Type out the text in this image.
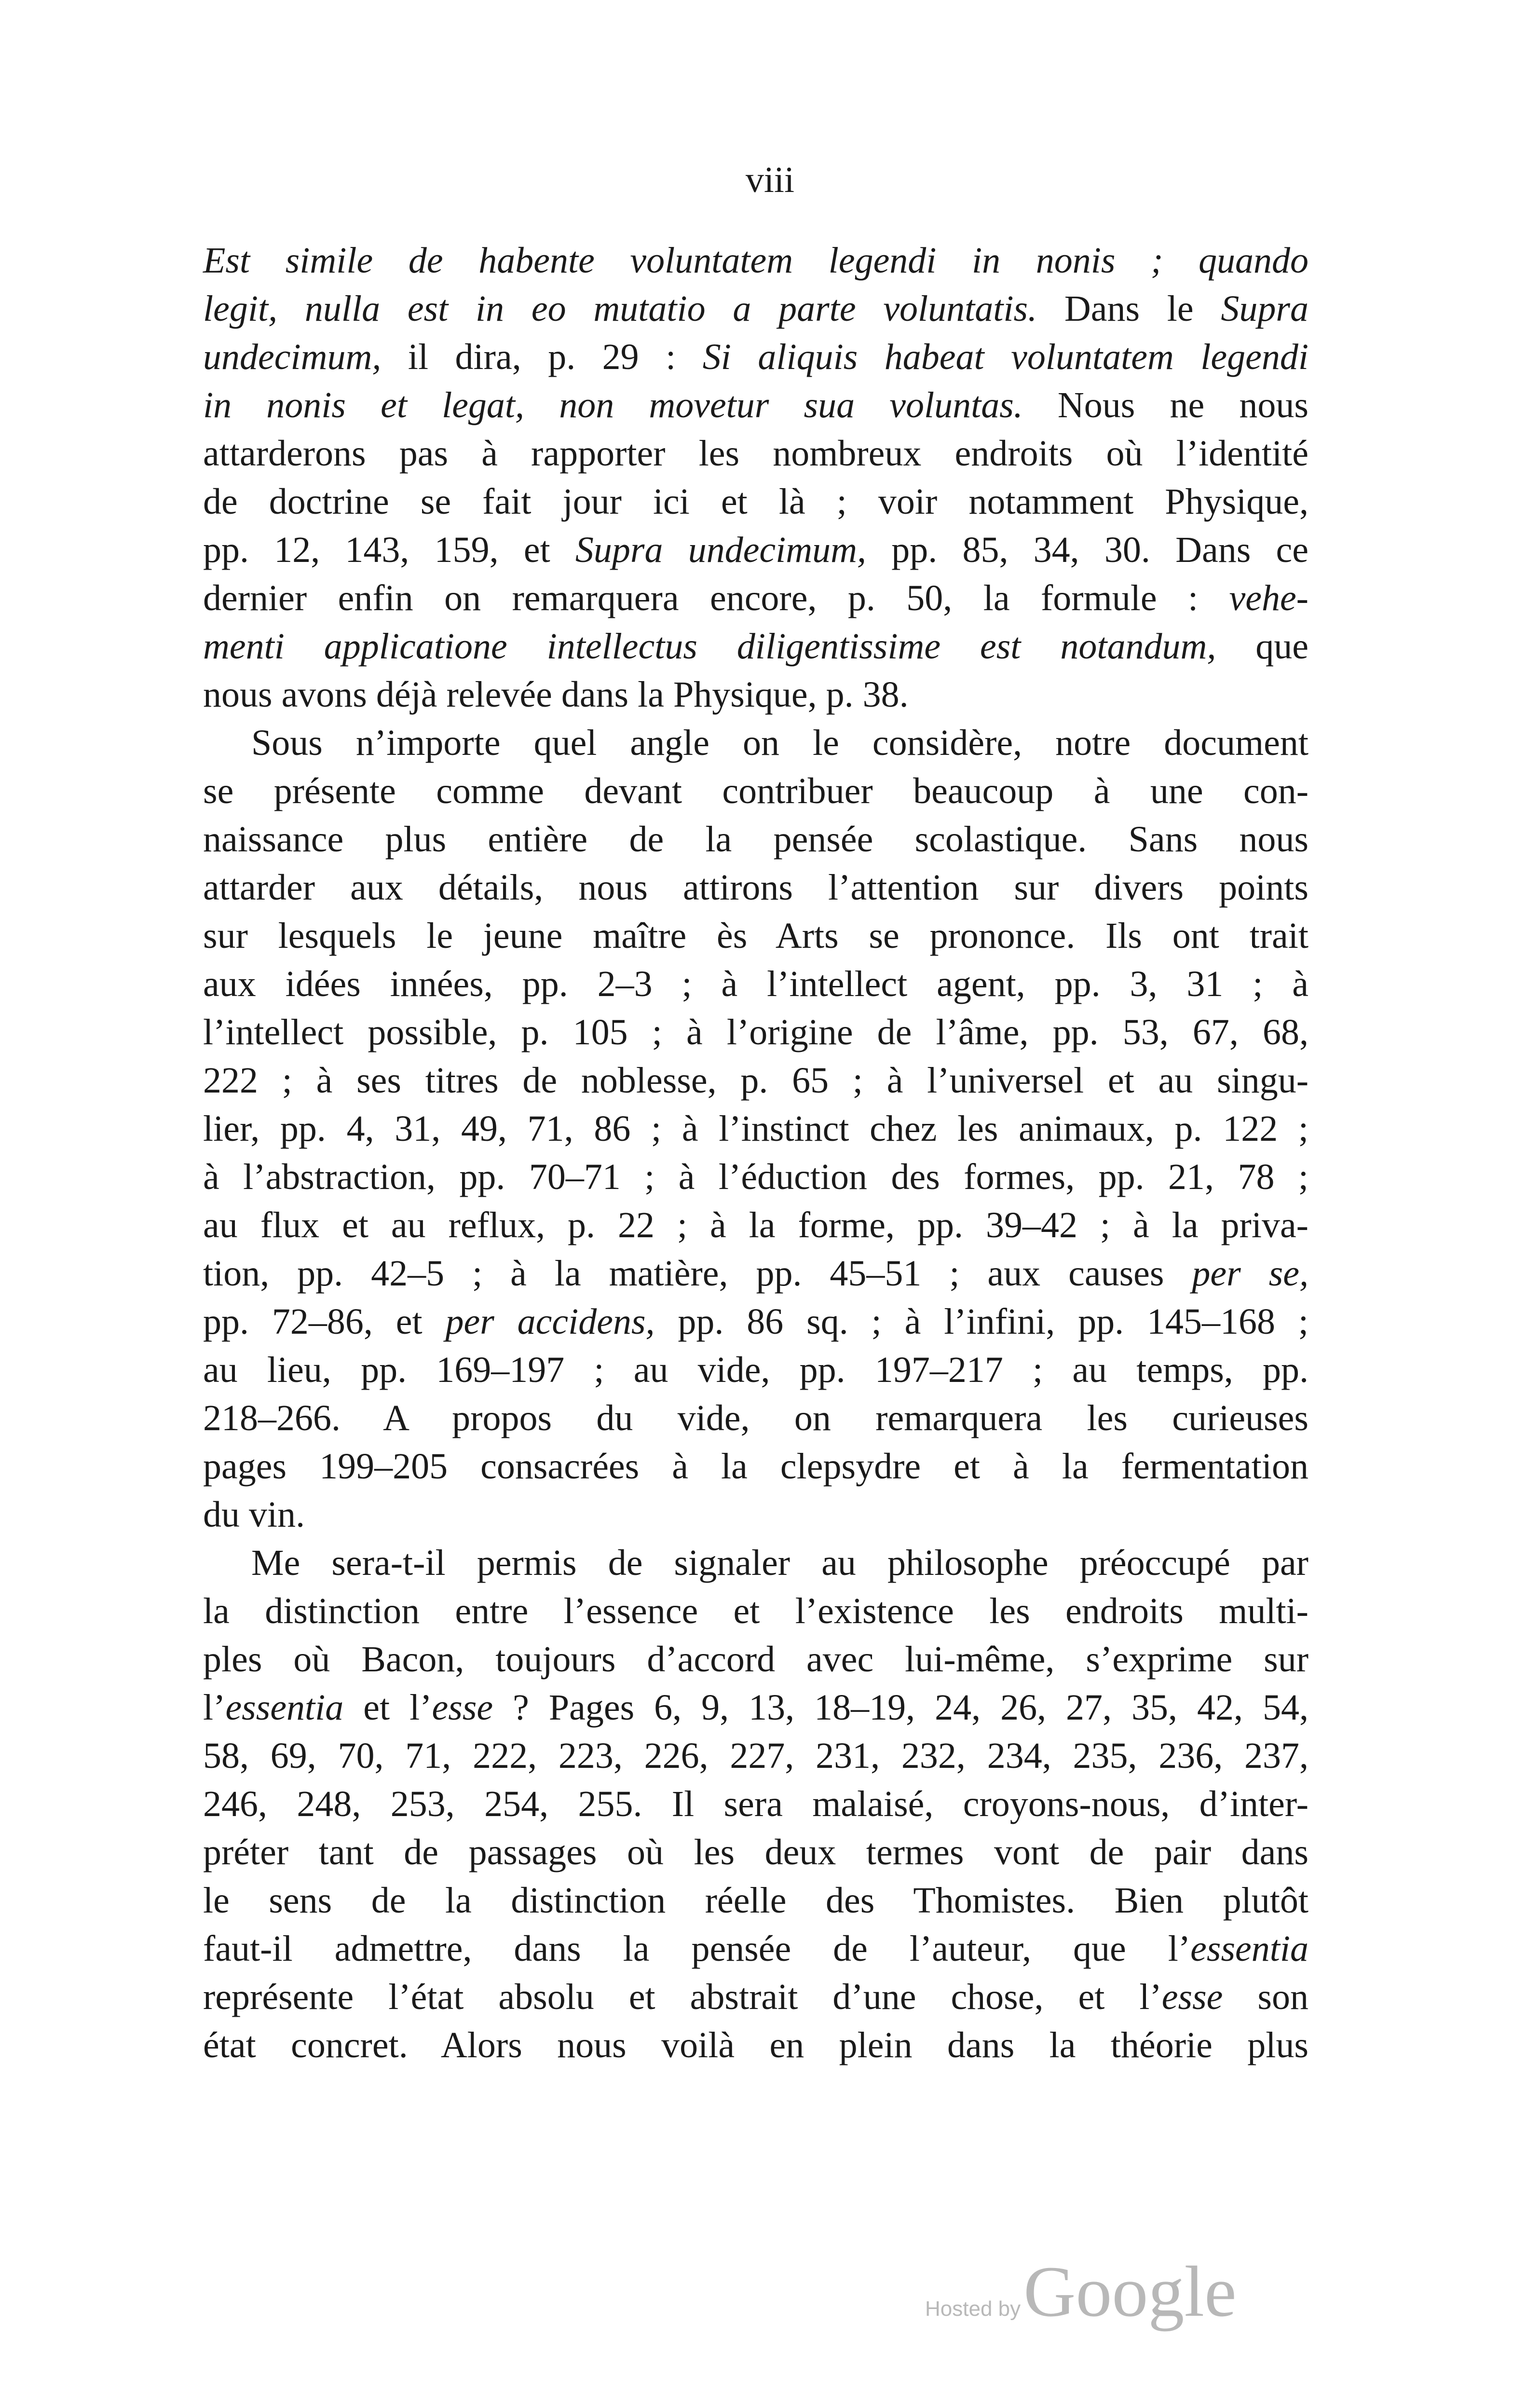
viii
Est simile de habente voluntatem legendi in nonis ; quando
legit, nulla est in eo mutatio a parte voluntatis. Dans le Supra
undecimum, il dira, p. 29 : Si aliquis habeat voluntatem legendi
in nonis et legat, non movetur sua voluntas. Nous ne nous
attarderons pas à rapporter les nombreux endroits où l’identité
de doctrine se fait jour ici et là ; voir notamment Physique,
pp. 12, 143, 159, et Supra undecimum, pp. 85, 34, 30. Dans ce
dernier enfin on remarquera encore, p. 50, la formule : vehe-
menti applicatione intellectus diligentissime est notandum, que
nous avons déjà relevée dans la Physique, p. 38.
Sous n’importe quel angle on le considère, notre document
se présente comme devant contribuer beaucoup à une con-
naissance plus entière de la pensée scolastique. Sans nous
attarder aux détails, nous attirons l’attention sur divers points
sur lesquels le jeune maître ès Arts se prononce. Ils ont trait
aux idées innées, pp. 2–3 ; à l’intellect agent, pp. 3, 31 ; à
l’intellect possible, p. 105 ; à l’origine de l’âme, pp. 53, 67, 68,
222 ; à ses titres de noblesse, p. 65 ; à l’universel et au singu-
lier, pp. 4, 31, 49, 71, 86 ; à l’instinct chez les animaux, p. 122 ;
à l’abstraction, pp. 70–71 ; à l’éduction des formes, pp. 21, 78 ;
au flux et au reflux, p. 22 ; à la forme, pp. 39–42 ; à la priva-
tion, pp. 42–5 ; à la matière, pp. 45–51 ; aux causes per se,
pp. 72–86, et per accidens, pp. 86 sq. ; à l’infini, pp. 145–168 ;
au lieu, pp. 169–197 ; au vide, pp. 197–217 ; au temps, pp.
218–266. A propos du vide, on remarquera les curieuses
pages 199–205 consacrées à la clepsydre et à la fermentation
du vin.
Me sera-t-il permis de signaler au philosophe préoccupé par
la distinction entre l’essence et l’existence les endroits multi-
ples où Bacon, toujours d’accord avec lui-même, s’exprime sur
l’essentia et l’esse ? Pages 6, 9, 13, 18–19, 24, 26, 27, 35, 42, 54,
58, 69, 70, 71, 222, 223, 226, 227, 231, 232, 234, 235, 236, 237,
246, 248, 253, 254, 255. Il sera malaisé, croyons-nous, d’inter-
préter tant de passages où les deux termes vont de pair dans
le sens de la distinction réelle des Thomistes. Bien plutôt
faut-il admettre, dans la pensée de l’auteur, que l’essentia
représente l’état absolu et abstrait d’une chose, et l’esse son
état concret. Alors nous voilà en plein dans la théorie plus
Hosted byGoogle
